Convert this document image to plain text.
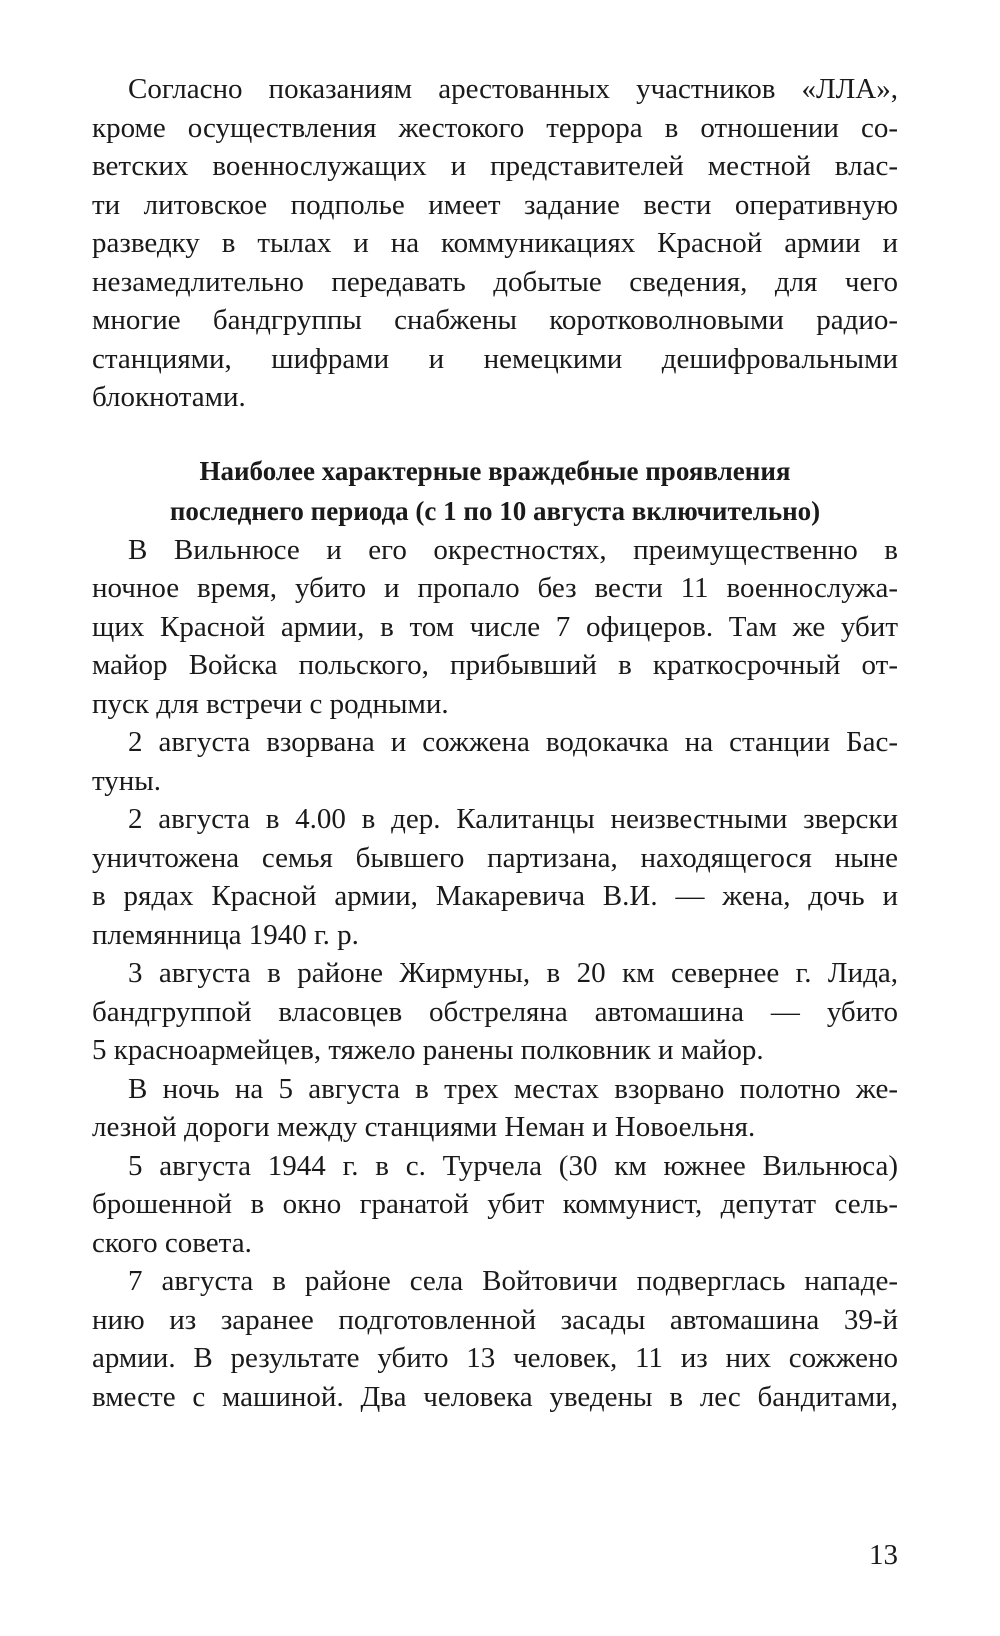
Согласно показаниям арестованных участников «ЛЛА»,
кроме осуществления жестокого террора в отношении со-
ветских военнослужащих и представителей местной влас-
ти литовское подполье имеет задание вести оперативную
разведку в тылах и на коммуникациях Красной армии и
незамедлительно передавать добытые сведения, для чего
многие бандгруппы снабжены коротковолновыми радио-
станциями, шифрами и немецкими дешифровальными
блокнотами.
Наиболее характерные враждебные проявления
последнего периода (с 1 по 10 августа включительно)
В Вильнюсе и его окрестностях, преимущественно в
ночное время, убито и пропало без вести 11 военнослужа-
щих Красной армии, в том числе 7 офицеров. Там же убит
майор Войска польского, прибывший в краткосрочный от-
пуск для встречи с родными.
2 августа взорвана и сожжена водокачка на станции Бас-
туны.
2 августа в 4.00 в дер. Калитанцы неизвестными зверски
уничтожена семья бывшего партизана, находящегося ныне
в рядах Красной армии, Макаревича В.И. — жена, дочь и
племянница 1940 г. р.
3 августа в районе Жирмуны, в 20 км севернее г. Лида,
бандгруппой власовцев обстреляна автомашина — убито
5 красноармейцев, тяжело ранены полковник и майор.
В ночь на 5 августа в трех местах взорвано полотно же-
лезной дороги между станциями Неман и Новоельня.
5 августа 1944 г. в с. Турчела (30 км южнее Вильнюса)
брошенной в окно гранатой убит коммунист, депутат сель-
ского совета.
7 августа в районе села Войтовичи подверглась нападе-
нию из заранее подготовленной засады автомашина 39-й
армии. В результате убито 13 человек, 11 из них сожжено
вместе с машиной. Два человека уведены в лес бандитами,
13
